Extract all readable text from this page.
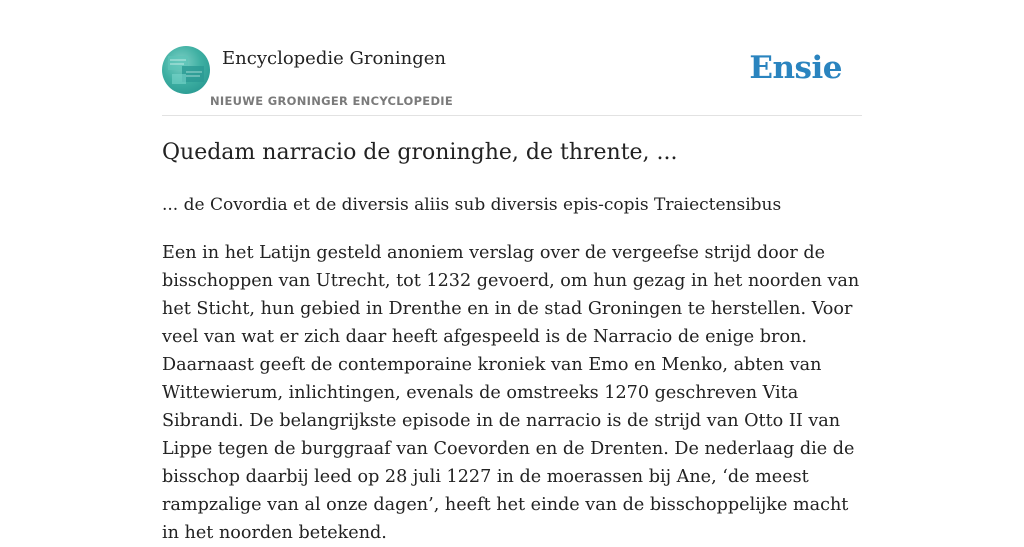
Encyclopedie Groningen
NIEUWE GRONINGER ENCYCLOPEDIE
Ensie
Quedam narracio de groninghe, de thrente, ...
... de Covordia et de diversis aliis sub diversis epis-copis Traiectensibus

Een in het Latijn gesteld anoniem verslag over de vergeefse strijd door de bisschoppen van Utrecht, tot 1232 gevoerd, om hun gezag in het noorden van het Sticht, hun gebied in Drenthe en in de stad Groningen te herstellen. Voor veel van wat er zich daar heeft afgespeeld is de Narracio de enige bron. Daarnaast geeft de contemporaine kroniek van Emo en Menko, abten van Wittewierum, inlichtingen, evenals de omstreeks 1270 geschreven Vita Sibrandi. De belangrijkste episode in de narracio is de strijd van Otto II van Lippe tegen de burggraaf van Coevorden en de Drenten. De nederlaag die de bisschop daarbij leed op 28 juli 1227 in de moerassen bij Ane, ‘de meest rampzalige van al onze dagen’, heeft het einde van de bisschoppelijke macht in het noorden betekend.
